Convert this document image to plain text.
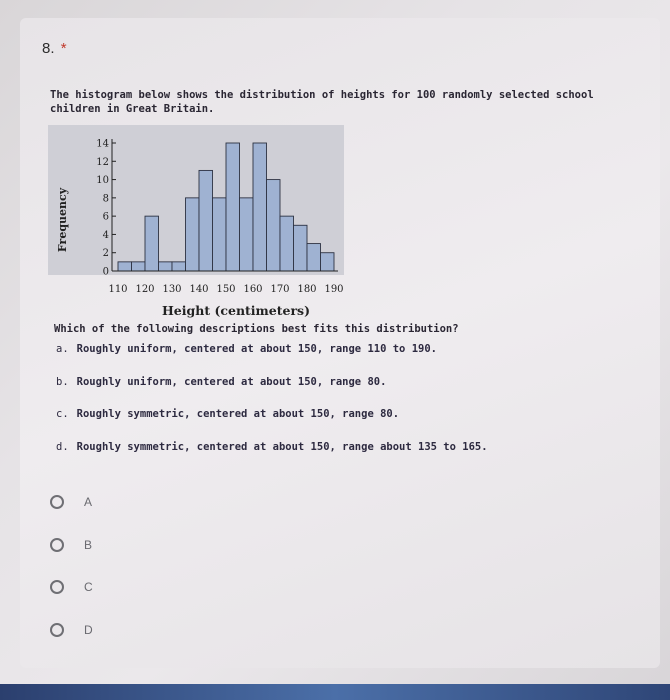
8. *
The histogram below shows the distribution of heights for 100 randomly selected school
children in Great Britain.
Frequency
Height (centimeters)
0
2
4
6
8
10
12
14
110 120 130 140 150 160 170 180 190
Which of the following descriptions best fits this distribution?
a. Roughly uniform, centered at about 150, range 110 to 190.
b. Roughly uniform, centered at about 150, range 80.
c. Roughly symmetric, centered at about 150, range 80.
d. Roughly symmetric, centered at about 150, range about 135 to 165.
A
B
C
D
